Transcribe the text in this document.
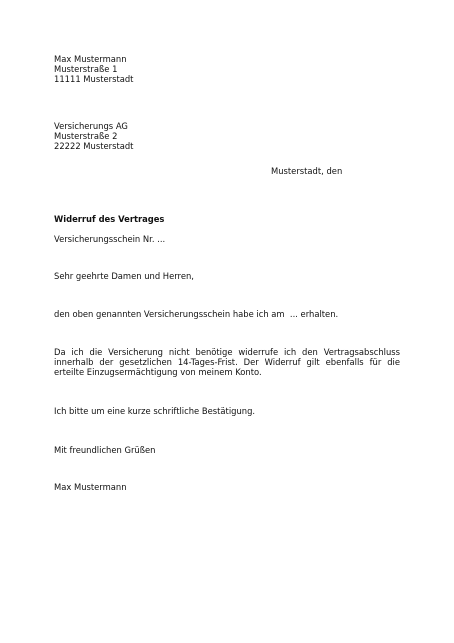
Max Mustermann
Musterstraße 1
11111 Musterstadt
Versicherungs AG
Musterstraße 2
22222 Musterstadt
Musterstadt, den
Widerruf des Vertrages
Versicherungsschein Nr. ...
Sehr geehrte Damen und Herren,
den oben genannten Versicherungsschein habe ich am  ... erhalten.
Da ich die Versicherung nicht benötige widerrufe ich den Vertragsabschluss
innerhalb der gesetzlichen 14-Tages-Frist. Der Widerruf gilt ebenfalls für die
erteilte Einzugsermächtigung von meinem Konto.
Ich bitte um eine kurze schriftliche Bestätigung.
Mit freundlichen Grüßen
Max Mustermann
